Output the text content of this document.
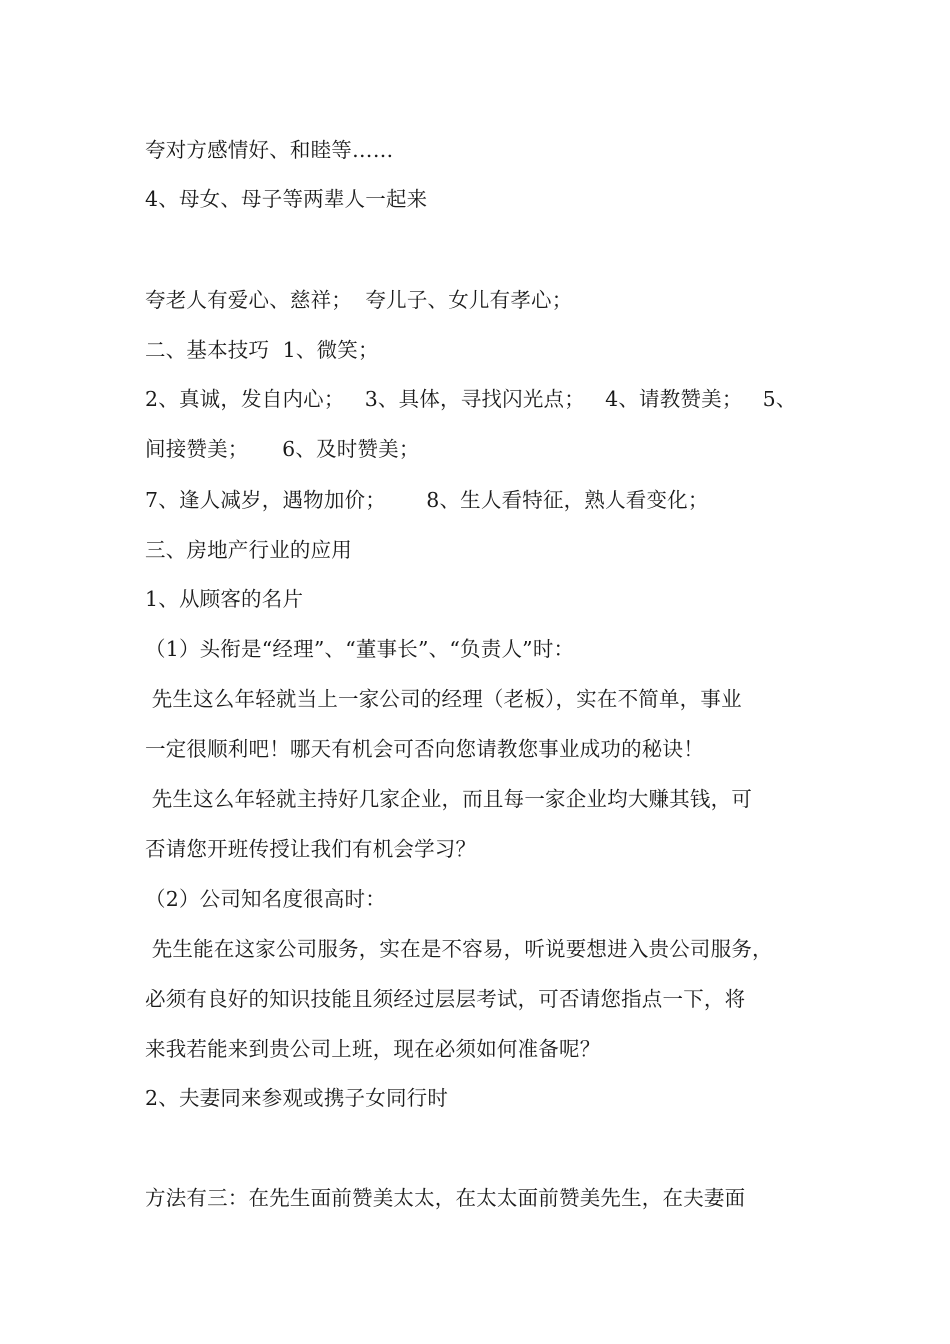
夸对方感情好、和睦等……
4、母女、母子等两辈人一起来
夸老人有爱心、慈祥；  夸儿子、女儿有孝心；
二、基本技巧  1、微笑；
2、真诚，发自内心；   3、具体，寻找闪光点；   4、请教赞美；   5、
间接赞美；     6、及时赞美；
7、逢人减岁，遇物加价；      8、生人看特征，熟人看变化；
三、房地产行业的应用
1、从顾客的名片
（1）头衔是“经理”、“董事长”、“负责人”时：
先生这么年轻就当上一家公司的经理（老板），实在不简单，事业
一定很顺利吧！哪天有机会可否向您请教您事业成功的秘诀！
先生这么年轻就主持好几家企业，而且每一家企业均大赚其钱，可
否请您开班传授让我们有机会学习？
（2）公司知名度很高时：
先生能在这家公司服务，实在是不容易，听说要想进入贵公司服务，
必须有良好的知识技能且须经过层层考试，可否请您指点一下，将
来我若能来到贵公司上班，现在必须如何准备呢？
2、夫妻同来参观或携子女同行时
方法有三：在先生面前赞美太太，在太太面前赞美先生，在夫妻面
